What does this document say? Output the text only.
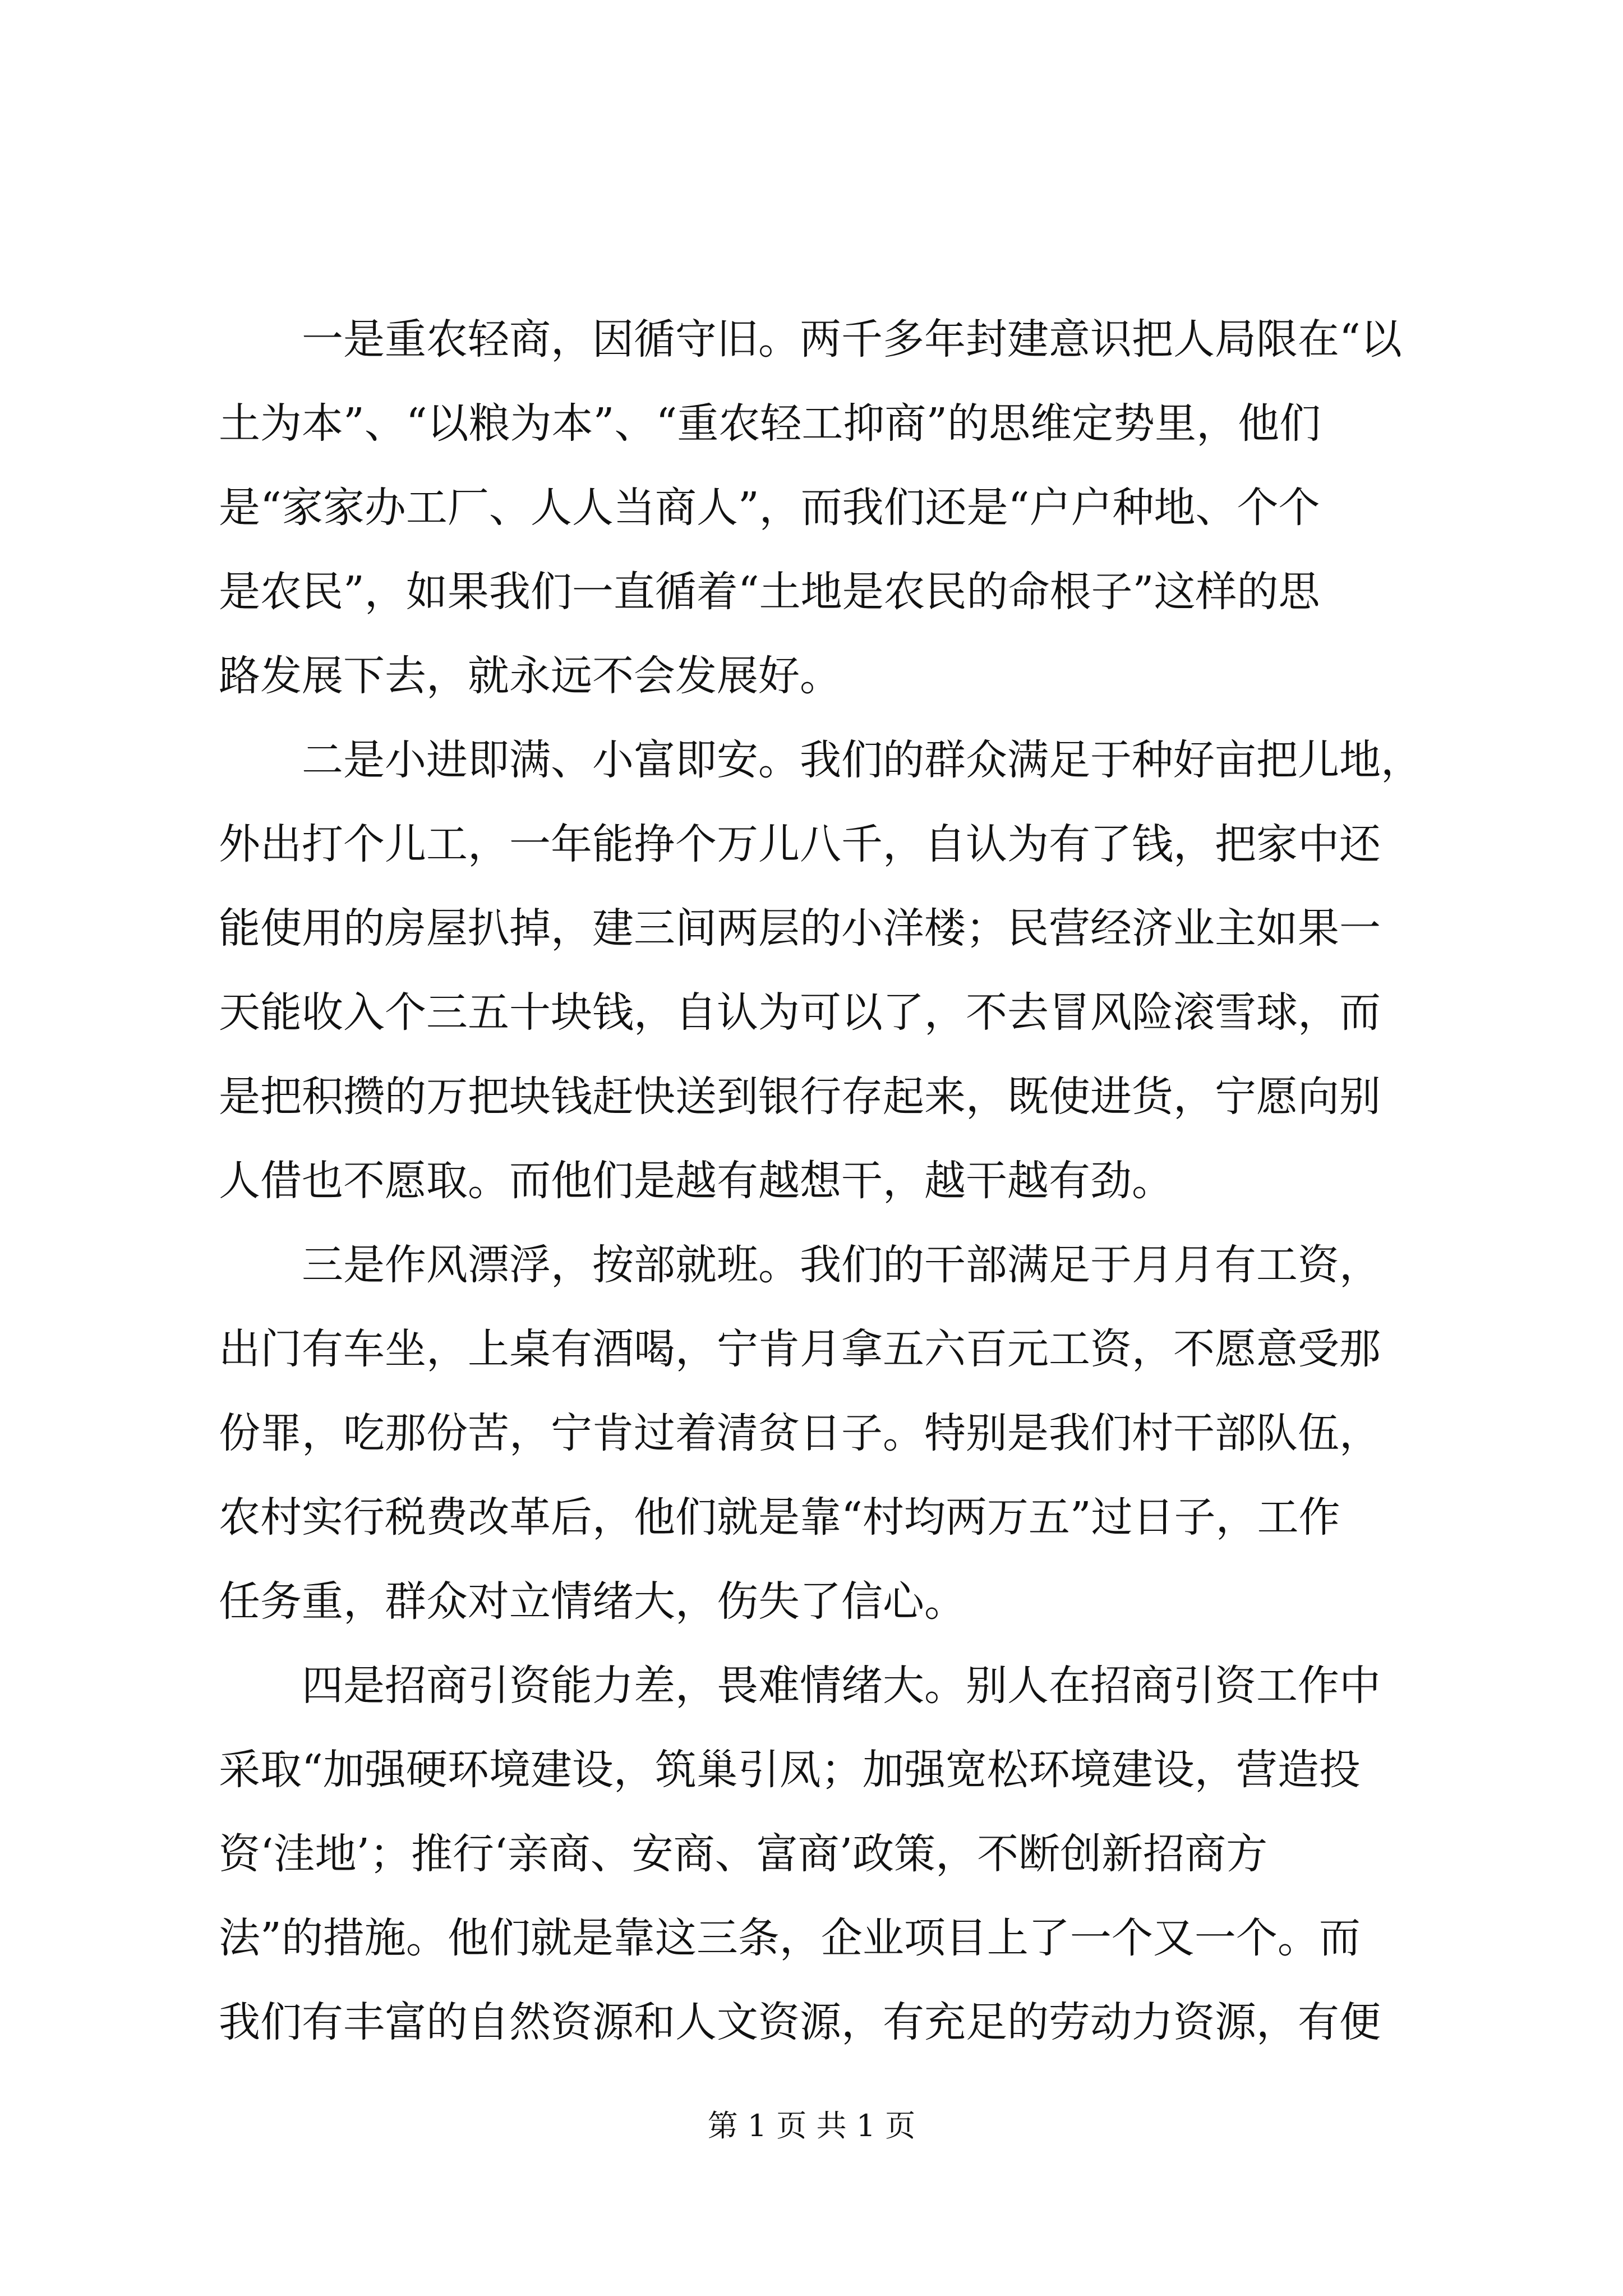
一是重农轻商，因循守旧。两千多年封建意识把人局限在“以
土为本”、“以粮为本”、“重农轻工抑商”的思维定势里，他们
是“家家办工厂、人人当商人”，而我们还是“户户种地、个个
是农民”，如果我们一直循着“土地是农民的命根子”这样的思
路发展下去，就永远不会发展好。
二是小进即满、小富即安。我们的群众满足于种好亩把儿地，
外出打个儿工，一年能挣个万儿八千，自认为有了钱，把家中还
能使用的房屋扒掉，建三间两层的小洋楼；民营经济业主如果一
天能收入个三五十块钱，自认为可以了，不去冒风险滚雪球，而
是把积攒的万把块钱赶快送到银行存起来，既使进货，宁愿向别
人借也不愿取。而他们是越有越想干，越干越有劲。
三是作风漂浮，按部就班。我们的干部满足于月月有工资，
出门有车坐，上桌有酒喝，宁肯月拿五六百元工资，不愿意受那
份罪，吃那份苦，宁肯过着清贫日子。特别是我们村干部队伍，
农村实行税费改革后，他们就是靠“村均两万五”过日子，工作
任务重，群众对立情绪大，伤失了信心。
四是招商引资能力差，畏难情绪大。别人在招商引资工作中
采取“加强硬环境建设，筑巢引凤；加强宽松环境建设，营造投
资‘洼地’；推行‘亲商、安商、富商’政策，不断创新招商方
法”的措施。他们就是靠这三条，企业项目上了一个又一个。而
我们有丰富的自然资源和人文资源，有充足的劳动力资源，有便
第 1 页 共 1 页
